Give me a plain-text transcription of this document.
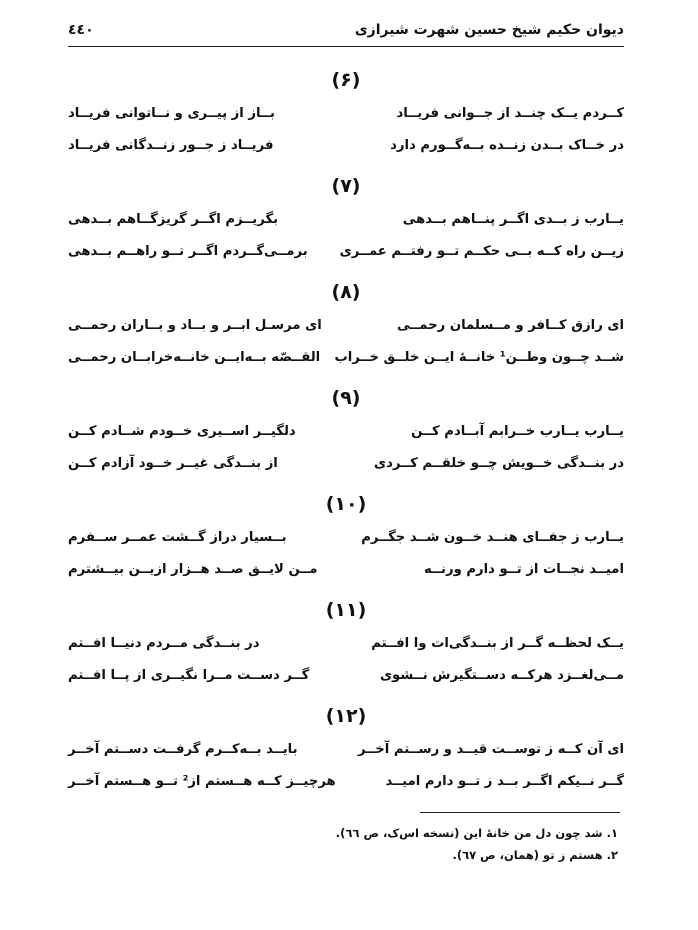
دیوان حکیم شیخ حسین شهرت شیرازی
٤٤٠
(۶)
کــردم یــک چنــد از جــوانی فریــاد
بــاز از پیــری و نــاتوانی فریــاد
در خــاک بــدن زنــده بــه‌گــورم دارد
فریــاد ز جــور زنــدگانی فریــاد
(۷)
یــارب ز بــدی اگــر پنــاهم بــدهی
بگریــزم اگــر گریزگــاهم بــدهی
زیــن راه کــه بــی حکــم تــو رفتــم عمــری
برمــی‌گــردم اگــر تــو راهــم بــدهی
(۸)
ای رازق کــافر و مــسلمان رحمــی
ای مرسـل ابــر و بــاد و بــاران رحمــی
شــد چــون وطــن¹ خانــهٔ ایــن خلــق خــراب
القــصّه بــه‌ایــن خانــه‌خرابــان رحمــی
(۹)
یــارب یــارب خــرابم آبــادم کــن
دلگیــر اســیری خــودم شــادم کــن
در بنــدگی خــویش چــو خلقــم کــردی
از بنــدگی غیــر خــود آزادم کــن
(۱۰)
یــارب ز جفــای هنــد خــون شــد جگــرم
بــسیار دراز گــشت عمــر ســفرم
امیــد نجــات از تــو دارم ورنــه
مــن لایــق صــد هــزار ازیــن بیــشترم
(۱۱)
یــک لحظــه گــر از بنــدگی‌ات وا افــتم
در بنــدگی مــردم دنیــا افــتم
مــی‌لغــزد هرکــه دســتگیرش نــشوی
گــر دســت مــرا نگیــری از پــا افــتم
(۱۲)
ای آن کــه ز توســت قیــد و رســتم آخــر
بایــد بــه‌کــرم گرفــت دســتم آخــر
گــر نــیکم اگــر بــد ز تــو دارم امیــد
هرچیــز کــه هــستم از² تــو هــستم آخــر
۱. شد چون دل من خانهٔ این (نسخه اس‌ک، ص ٦٦).
۲. هستم ز تو (همان، ص ٦٧).
